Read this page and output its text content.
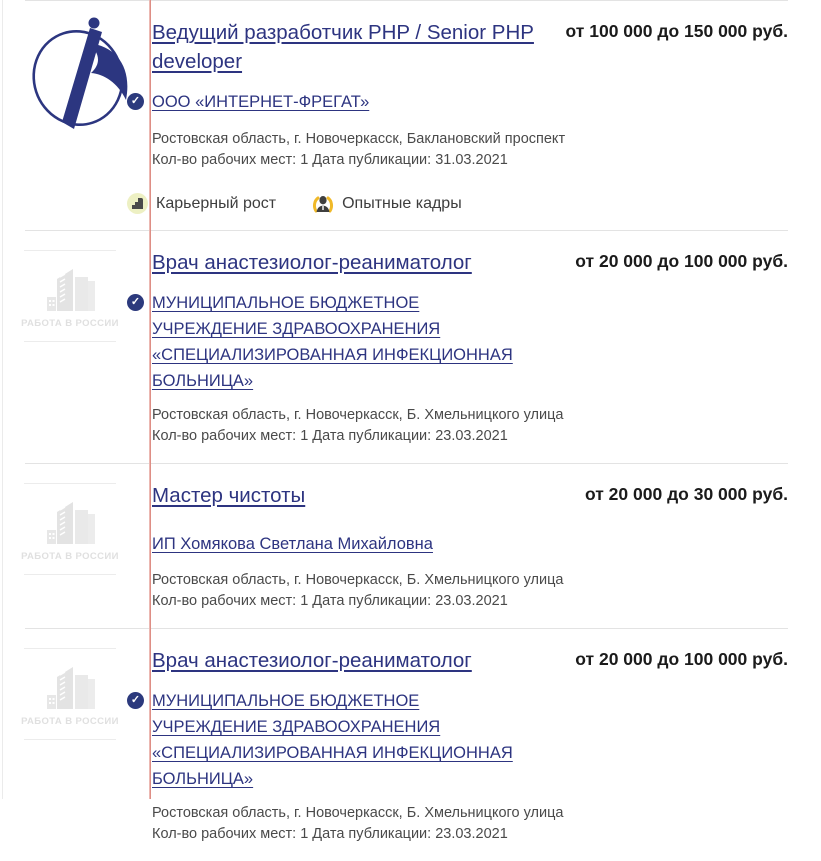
Ведущий разработчик PHP / Senior PHP developer
от 100 000 до 150 000 руб.
✓ ООО «ИНТЕРНЕТ-ФРЕГАТ»
Ростовская область, г. Новочеркасск, Баклановский проспект
Кол-во рабочих мест: 1 Дата публикации: 31.03.2021
Карьерный рост	Опытные кадры
РАБОТА В РОССИИ
Врач анастезиолог-реаниматолог	от 20 000 до 100 000 руб.
✓ МУНИЦИПАЛЬНОЕ БЮДЖЕТНОЕ УЧРЕЖДЕНИЕ ЗДРАВООХРАНЕНИЯ «СПЕЦИАЛИЗИРОВАННАЯ ИНФЕКЦИОННАЯ БОЛЬНИЦА»
Ростовская область, г. Новочеркасск, Б. Хмельницкого улица
Кол-во рабочих мест: 1 Дата публикации: 23.03.2021
РАБОТА В РОССИИ
Мастер чистоты	от 20 000 до 30 000 руб.
ИП Хомякова Светлана Михайловна
Ростовская область, г. Новочеркасск, Б. Хмельницкого улица
Кол-во рабочих мест: 1 Дата публикации: 23.03.2021
РАБОТА В РОССИИ
Врач анастезиолог-реаниматолог	от 20 000 до 100 000 руб.
✓ МУНИЦИПАЛЬНОЕ БЮДЖЕТНОЕ УЧРЕЖДЕНИЕ ЗДРАВООХРАНЕНИЯ «СПЕЦИАЛИЗИРОВАННАЯ ИНФЕКЦИОННАЯ БОЛЬНИЦА»
Ростовская область, г. Новочеркасск, Б. Хмельницкого улица
Кол-во рабочих мест: 1 Дата публикации: 23.03.2021
